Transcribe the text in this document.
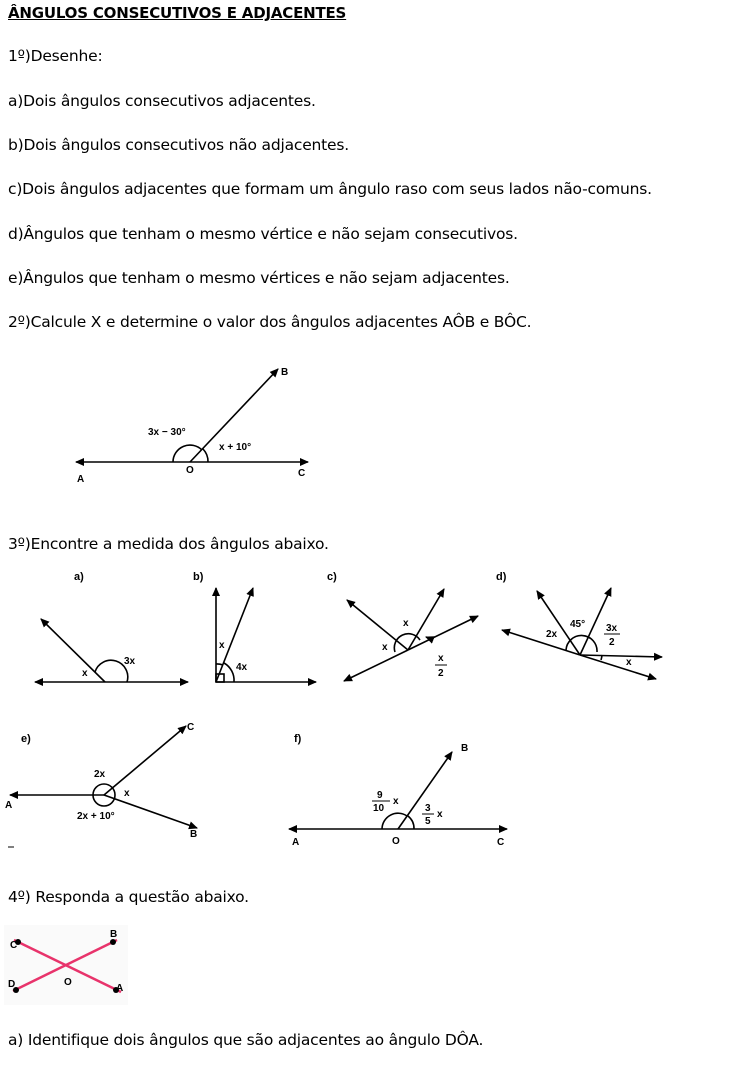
ÂNGULOS CONSECUTIVOS E ADJACENTES
1º)Desenhe:
a)Dois ângulos consecutivos adjacentes.
b)Dois ângulos consecutivos não adjacentes.
c)Dois ângulos adjacentes que formam um ângulo raso com seus lados não-comuns.
d)Ângulos que tenham o mesmo vértice e não sejam consecutivos.
e)Ângulos que tenham o mesmo vértices e não sejam adjacentes.
2º)Calcule X e determine o valor dos ângulos adjacentes AÔB e BÔC.
3º)Encontre a medida dos ângulos abaixo.
4º) Responda a questão abaixo.
a) Identifique dois ângulos que são adjacentes ao ângulo DÔA.
A
O
B
C
3x − 30°
x + 10°
a)
x
3x
b)
x
4x
c)
x
x
x
2
d)
2x
45° 3x
2
x
e)
A
B
C
2x
x
2x + 10°
f)
A	O
B
C
9
10
x
3
5
x
C
B
D	O
A
